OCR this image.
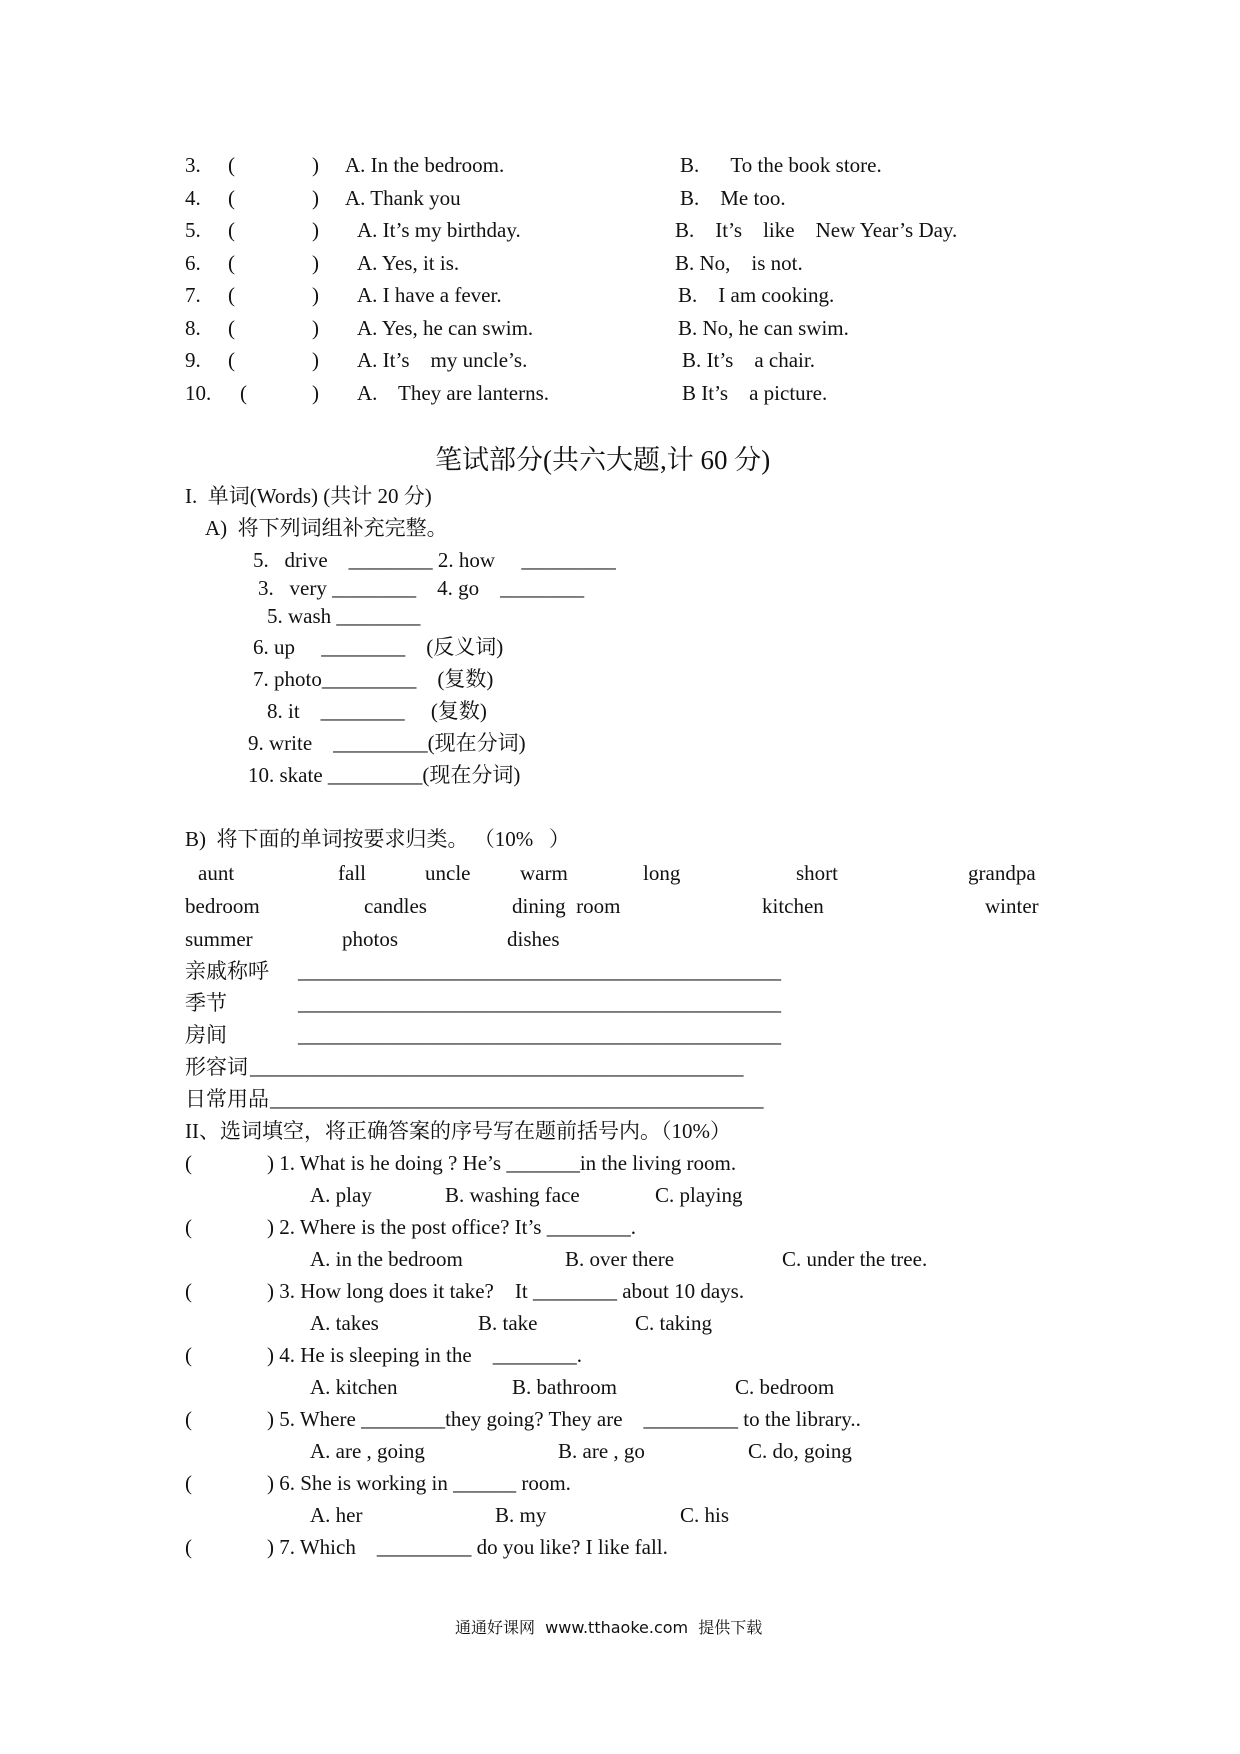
3. (	) A. In the bedroom.	B.      To the book store.
4. (	) A. Thank you	B.    Me too.
5. (	) A. It’s my birthday.	B.    It’s    like    New Year’s Day.
6. (	) A. Yes, it is.	B. No,    is not.
7. (	) A. I have a fever.	B.    I am cooking.
8. (	) A. Yes, he can swim.	B. No, he can swim.
9. (	) A. It’s    my uncle’s.	B. It’s    a chair.
10. (	) A.    They are lanterns.	B It’s    a picture.
笔试部分(共六大题,计 60 分)
I.  单词(Words) (共计 20 分)
A)  将下列词组补充完整。
5.   drive    ________ 2. how     _________
3.   very ________    4. go    ________
5. wash ________
6. up     ________    (反义词)
7. photo_________    (复数)
8. it    ________     (复数)
9. write    _________(现在分词)
10. skate _________(现在分词)
B)  将下面的单词按要求归类。 （10%   ）
aunt	fall	uncle warm	long	short	grandpa
bedroom	candles	dining  room	kitchen	winter
summer	photos	dishes
亲戚称呼 ______________________________________________
季节	______________________________________________
房间	______________________________________________
形容词 _______________________________________________
日常用品 _______________________________________________
II、选词填空，将正确答案的序号写在题前括号内。（10%）
(	) 1. What is he doing ? He’s _______in the living room.
A. play	B. washing face	C. playing
(	) 2. Where is the post office? It’s ________.
A. in the bedroom	B. over there	C. under the tree.
(	) 3. How long does it take?    It ________ about 10 days.
A. takes	B. take	C. taking
(	) 4. He is sleeping in the    ________.
A. kitchen	B. bathroom	C. bedroom
(	) 5. Where ________they going? They are    _________ to the library..
A. are , going	B. are , go	C. do, going
(	) 6. She is working in ______ room.
A. her	B. my	C. his
(	) 7. Which    _________ do you like? I like fall.
通通好课网  www.tthaoke.com  提供下载
